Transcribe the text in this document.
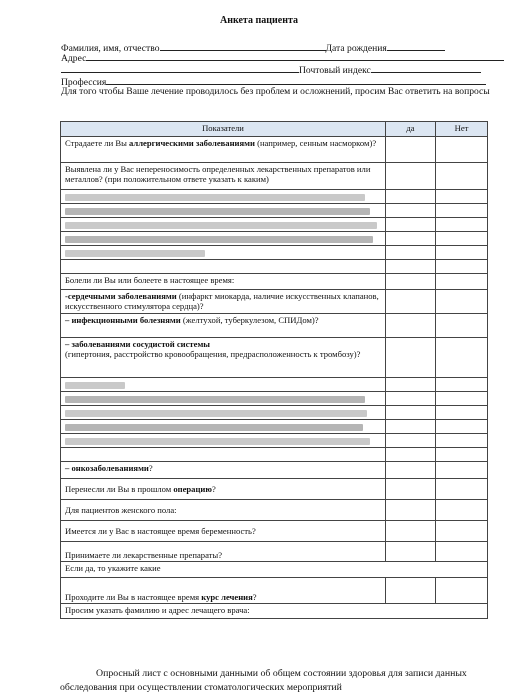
Анкета пациента
Фамилия, имя, отчество	Дата рождения
Адрес
Почтовый индекс
Профессия
Для того чтобы Ваше лечение проводилось без проблем и осложнений, просим Вас ответить на вопросы
Показатели	да	Нет
Страдаете ли Вы аллергическими заболеваниями (например, сенным насморком)?		
Выявлена ли у Вас непереносимость определенных лекарственных препаратов или металлов? (при положительном ответе указать к каким)		

Болели ли Вы или болеете в настоящее время:		
-сердечными заболеваниями (инфаркт миокарда, наличие искусственных клапанов, искусственного стимулятора сердца)?		
– инфекционными болезнями (желтухой, туберкулезом, СПИДом)?		
– заболеваниями сосудистой системы
(гипертония, расстройство кровообращения, предрасположенность к тромбозу)?		

– онкозаболеваниями?		
Перенесли ли Вы в прошлом операцию?		
Для пациентов женского пола:		
Имеется ли у Вас в настоящее время беременность?		
Принимаете ли лекарственные препараты?		
Если да, то укажите какие		
Проходите ли Вы в настоящее время курс лечения?		
Просим указать фамилию и адрес лечащего врача:		
Опросный лист с основными данными об общем состоянии здоровья для записи данных
обследования при осуществлении стоматологических мероприятий
